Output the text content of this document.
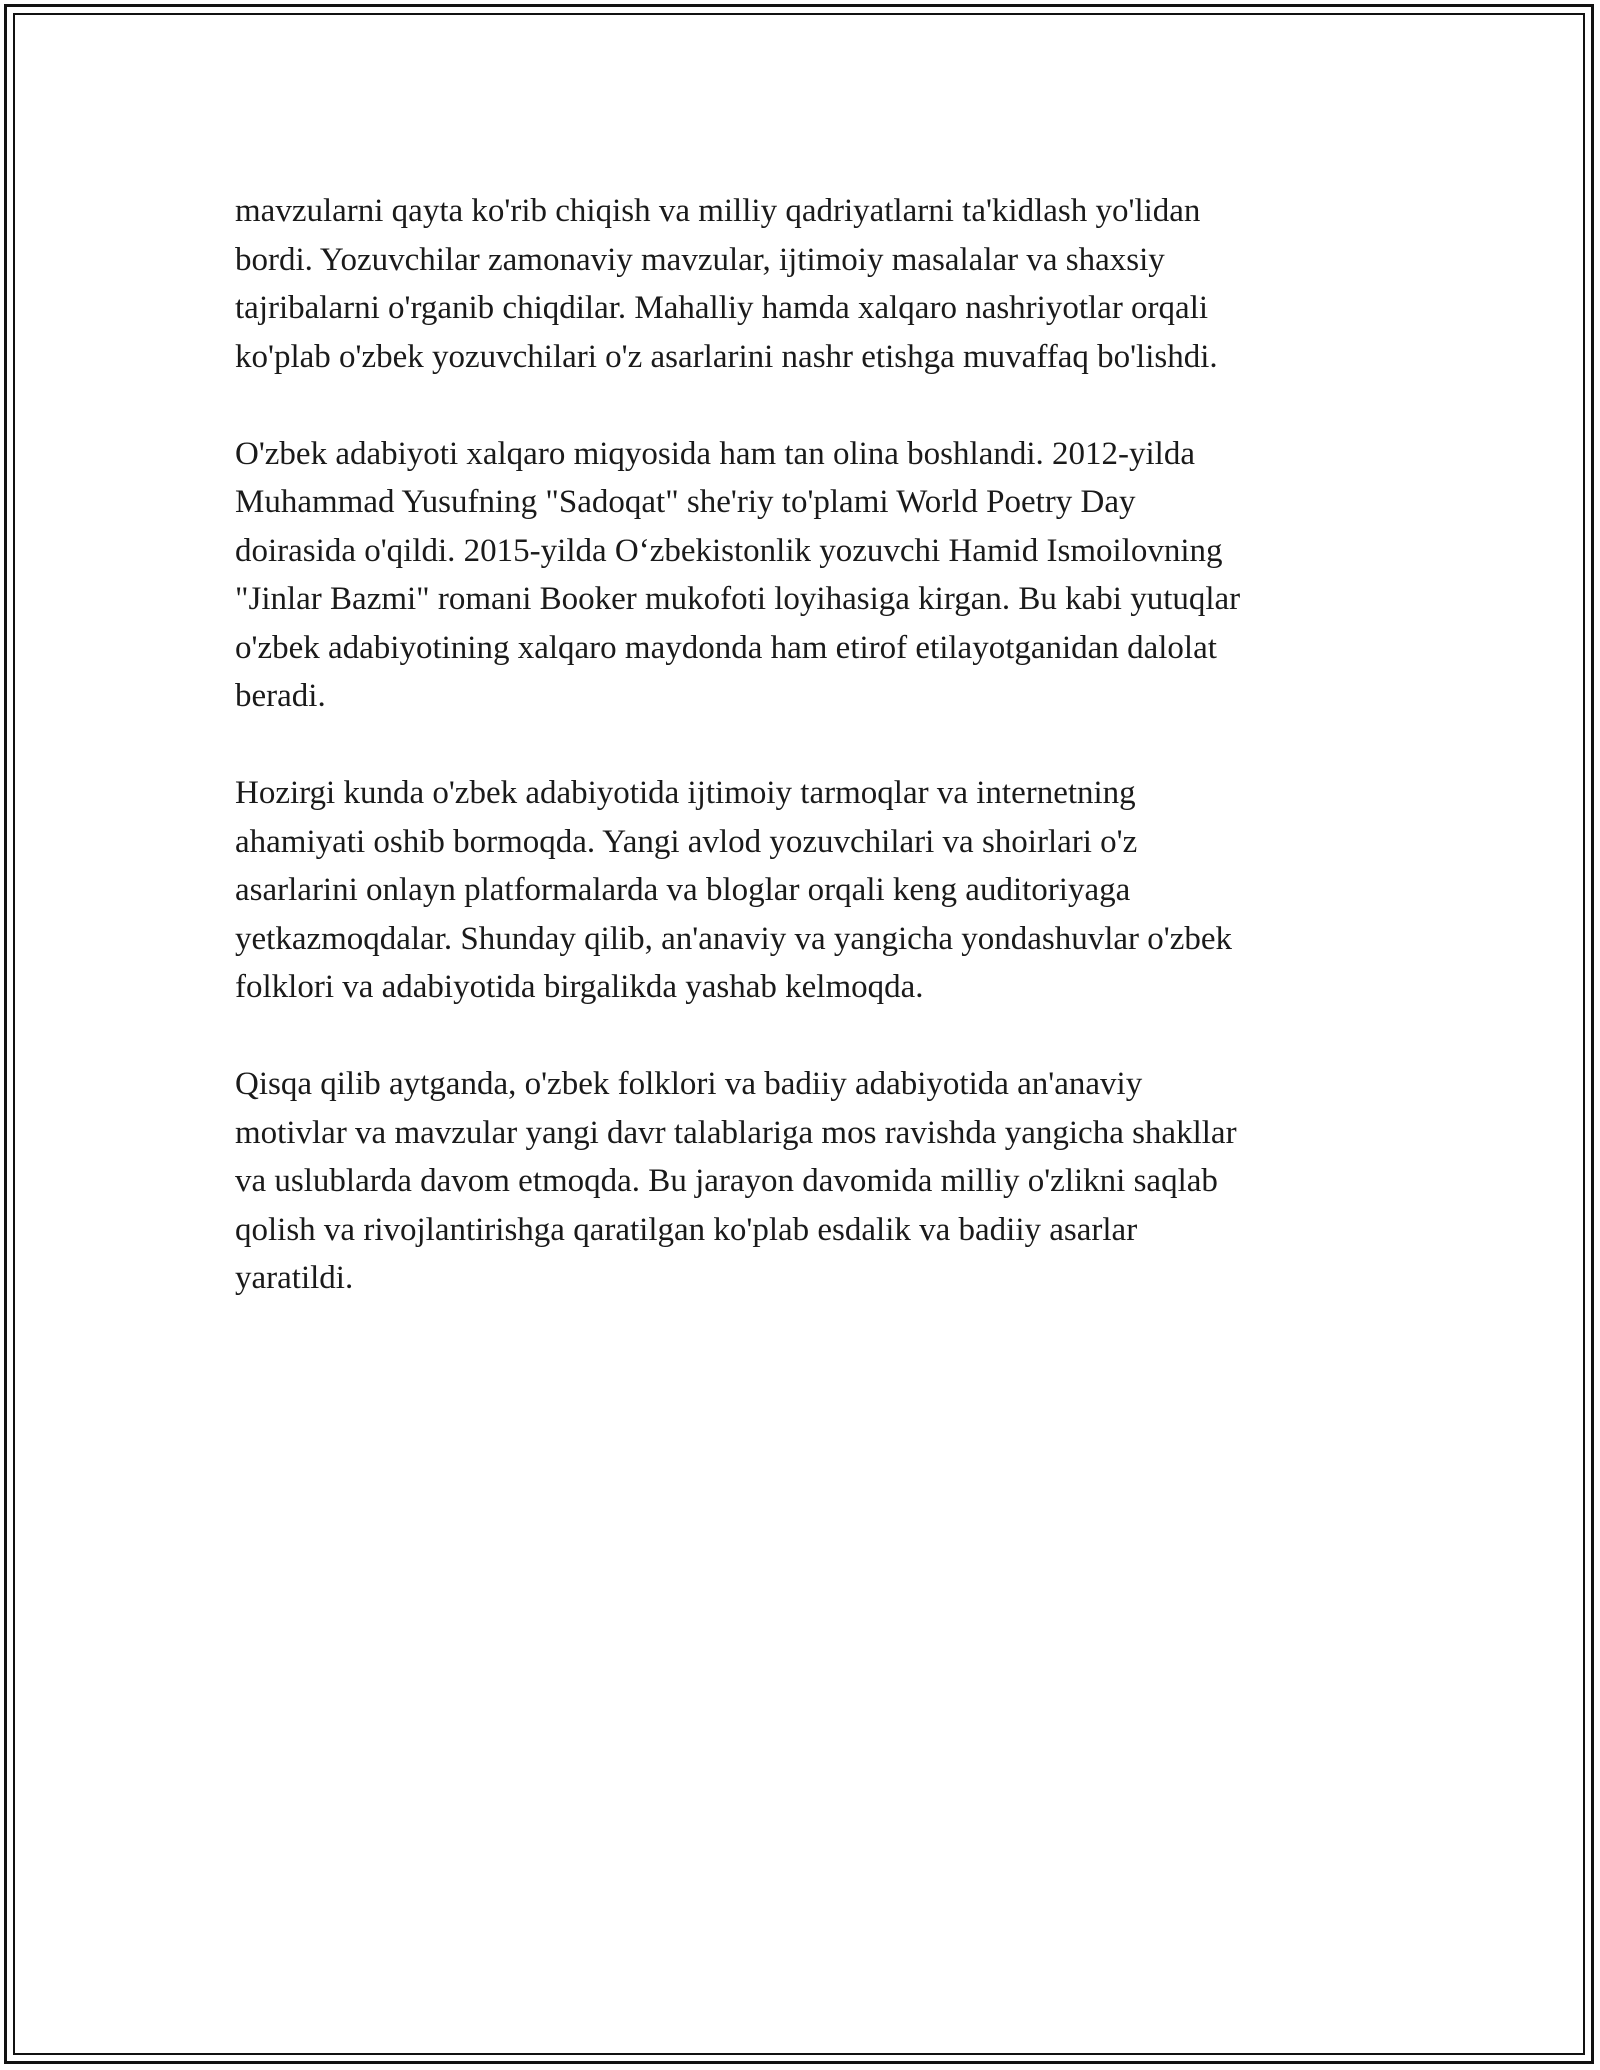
mavzularni qayta ko'rib chiqish va milliy qadriyatlarni ta'kidlash yo'lidan
bordi. Yozuvchilar zamonaviy mavzular, ijtimoiy masalalar va shaxsiy
tajribalarni o'rganib chiqdilar. Mahalliy hamda xalqaro nashriyotlar orqali
ko'plab o'zbek yozuvchilari o'z asarlarini nashr etishga muvaffaq bo'lishdi.

O'zbek adabiyoti xalqaro miqyosida ham tan olina boshlandi. 2012-yilda
Muhammad Yusufning "Sadoqat" she'riy to'plami World Poetry Day
doirasida o'qildi. 2015-yilda O‘zbekistonlik yozuvchi Hamid Ismoilovning
"Jinlar Bazmi" romani Booker mukofoti loyihasiga kirgan. Bu kabi yutuqlar
o'zbek adabiyotining xalqaro maydonda ham etirof etilayotganidan dalolat
beradi.

Hozirgi kunda o'zbek adabiyotida ijtimoiy tarmoqlar va internetning
ahamiyati oshib bormoqda. Yangi avlod yozuvchilari va shoirlari o'z
asarlarini onlayn platformalarda va bloglar orqali keng auditoriyaga
yetkazmoqdalar. Shunday qilib, an'anaviy va yangicha yondashuvlar o'zbek
folklori va adabiyotida birgalikda yashab kelmoqda.

Qisqa qilib aytganda, o'zbek folklori va badiiy adabiyotida an'anaviy
motivlar va mavzular yangi davr talablariga mos ravishda yangicha shakllar
va uslublarda davom etmoqda. Bu jarayon davomida milliy o'zlikni saqlab
qolish va rivojlantirishga qaratilgan ko'plab esdalik va badiiy asarlar
yaratildi.
